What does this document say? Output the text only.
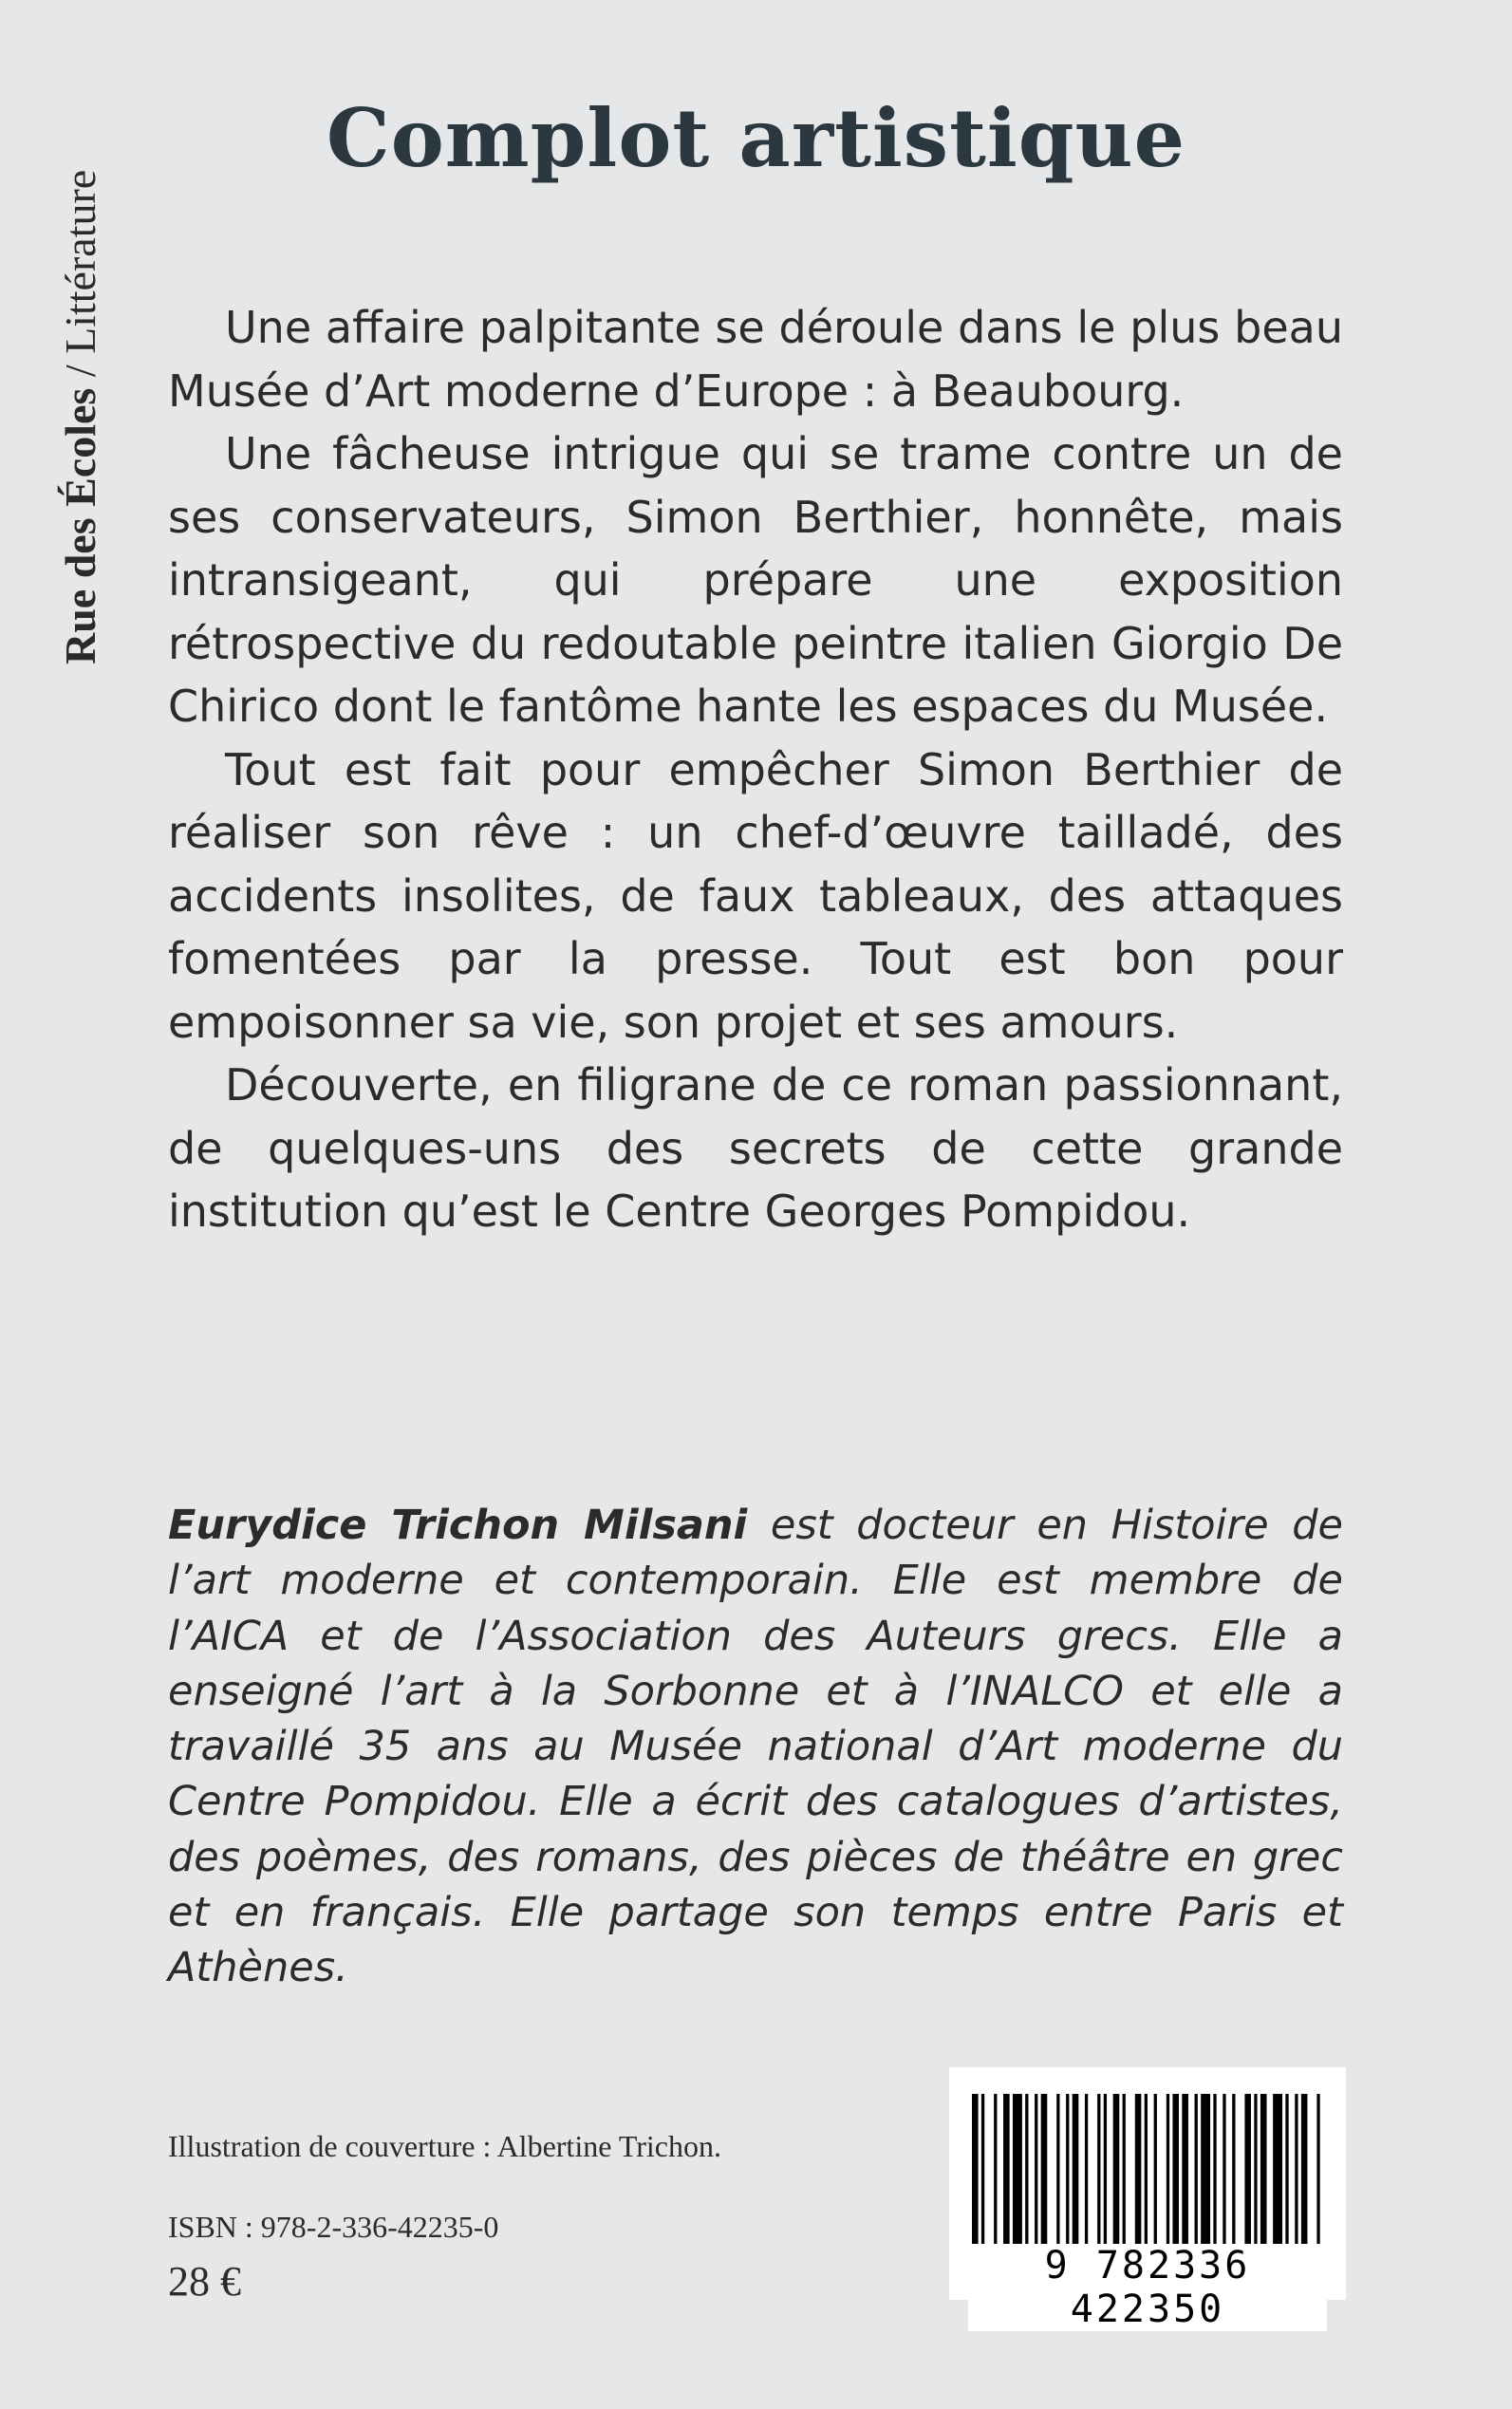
Rue des Écoles / Littérature
Complot artistique

Une affaire palpitante se déroule dans le plus beau Musée d’Art moderne d’Europe : à Beaubourg.

Une fâcheuse intrigue qui se trame contre un de ses conservateurs, Simon Berthier, honnête, mais intransigeant, qui prépare une exposition rétrospective du redoutable peintre italien Giorgio De Chirico dont le fantôme hante les espaces du Musée.

Tout est fait pour empêcher Simon Berthier de réaliser son rêve : un chef-d’œuvre tailladé, des accidents insolites, de faux tableaux, des attaques fomentées par la presse. Tout est bon pour empoisonner sa vie, son projet et ses amours.

Découverte, en filigrane de ce roman passionnant, de quelques-uns des secrets de cette grande institution qu’est le Centre Georges Pompidou.

Eurydice Trichon Milsani est docteur en Histoire de l’art moderne et contemporain. Elle est membre de l’AICA et de l’Association des Auteurs grecs. Elle a enseigné l’art à la Sorbonne et à l’INALCO et elle a travaillé 35 ans au Musée national d’Art moderne du Centre Pompidou. Elle a écrit des catalogues d’artistes, des poèmes, des romans, des pièces de théâtre en grec et en français. Elle partage son temps entre Paris et Athènes.

Illustration de couverture : Albertine Trichon.
ISBN : 978-2-336-42235-0
28 €	9 782336 422350
